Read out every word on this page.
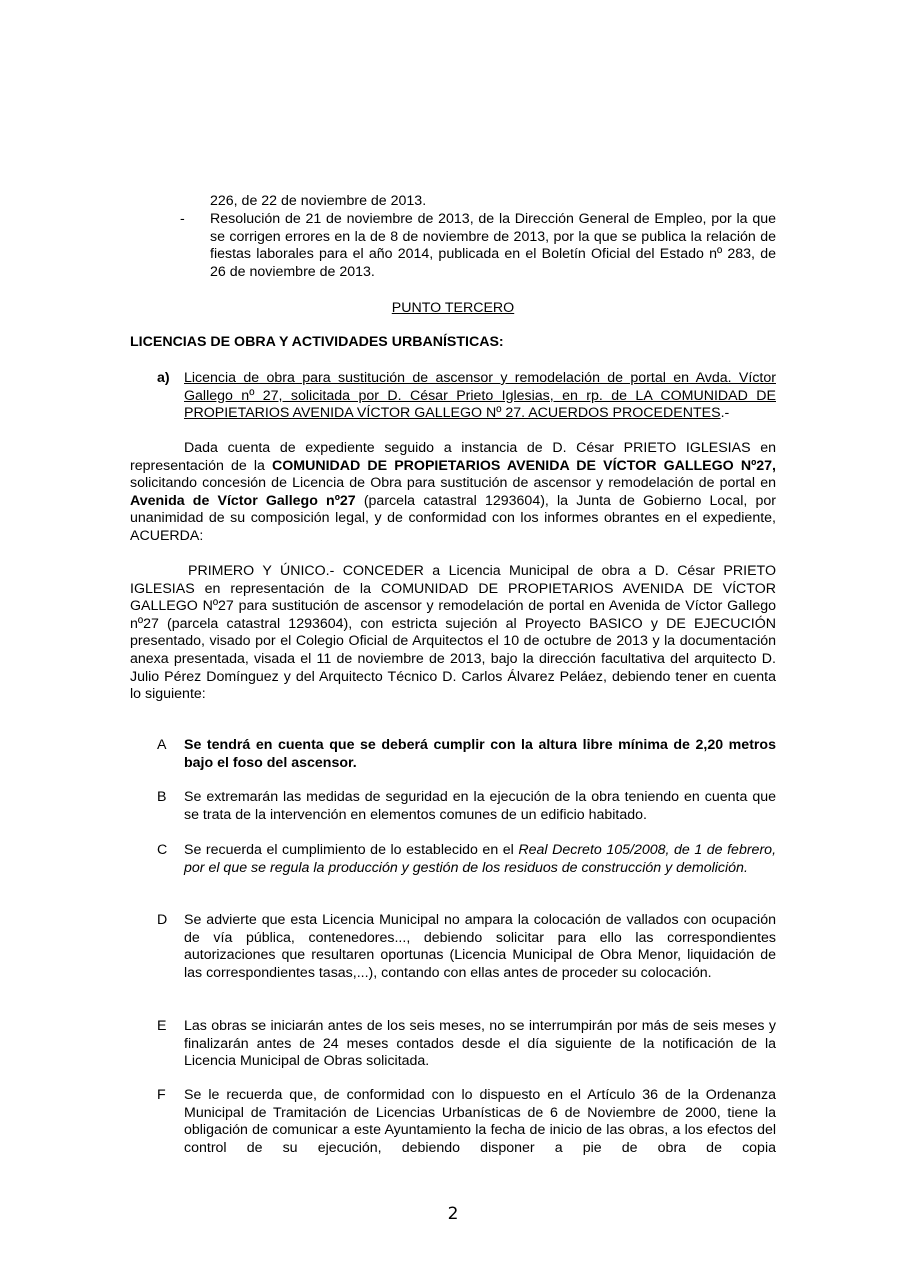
226, de 22 de noviembre de 2013.
- Resolución de 21 de noviembre de 2013, de la Dirección General de Empleo, por la que se corrigen errores en la de 8 de noviembre de 2013, por la que se publica la relación de fiestas laborales para el año 2014, publicada en el Boletín Oficial del Estado nº 283, de 26 de noviembre de 2013.
PUNTO TERCERO
LICENCIAS DE OBRA Y ACTIVIDADES URBANÍSTICAS:
a) Licencia de obra para sustitución de ascensor y remodelación de portal en Avda. Víctor Gallego nº 27, solicitada por D. César Prieto Iglesias, en rp. de LA COMUNIDAD DE PROPIETARIOS AVENIDA VÍCTOR GALLEGO Nº 27. ACUERDOS PROCEDENTES.-
Dada cuenta de expediente seguido a instancia de D. César PRIETO IGLESIAS en representación de la COMUNIDAD DE PROPIETARIOS AVENIDA DE VÍCTOR GALLEGO Nº27, solicitando concesión de Licencia de Obra para sustitución de ascensor y remodelación de portal en Avenida de Víctor Gallego nº27 (parcela catastral 1293604), la Junta de Gobierno Local, por unanimidad de su composición legal, y de conformidad con los informes obrantes en el expediente, ACUERDA:
PRIMERO Y ÚNICO.- CONCEDER a Licencia Municipal de obra a D. César PRIETO IGLESIAS en representación de la COMUNIDAD DE PROPIETARIOS AVENIDA DE VÍCTOR GALLEGO Nº27 para sustitución de ascensor y remodelación de portal en Avenida de Víctor Gallego nº27 (parcela catastral 1293604), con estricta sujeción al Proyecto BASICO y DE EJECUCIÓN presentado, visado por el Colegio Oficial de Arquitectos el 10 de octubre de 2013 y la documentación anexa presentada, visada el 11 de noviembre de 2013, bajo la dirección facultativa del arquitecto D. Julio Pérez Domínguez y del Arquitecto Técnico D. Carlos Álvarez Peláez, debiendo tener en cuenta lo siguiente:
A Se tendrá en cuenta que se deberá cumplir con la altura libre mínima de 2,20 metros bajo el foso del ascensor.
B Se extremarán las medidas de seguridad en la ejecución de la obra teniendo en cuenta que se trata de la intervención en elementos comunes de un edificio habitado.
C Se recuerda el cumplimiento de lo establecido en el Real Decreto 105/2008, de 1 de febrero, por el que se regula la producción y gestión de los residuos de construcción y demolición.
D Se advierte que esta Licencia Municipal no ampara la colocación de vallados con ocupación de vía pública, contenedores..., debiendo solicitar para ello las correspondientes autorizaciones que resultaren oportunas (Licencia Municipal de Obra Menor, liquidación de las correspondientes tasas,...), contando con ellas antes de proceder su colocación.
E Las obras se iniciarán antes de los seis meses, no se interrumpirán por más de seis meses y finalizarán antes de 24 meses contados desde el día siguiente de la notificación de la Licencia Municipal de Obras solicitada.
F Se le recuerda que, de conformidad con lo dispuesto en el Artículo 36 de la Ordenanza Municipal de Tramitación de Licencias Urbanísticas de 6 de Noviembre de 2000, tiene la obligación de comunicar a este Ayuntamiento la fecha de inicio de las obras, a los efectos del control de su ejecución, debiendo disponer a pie de obra de copia
2
